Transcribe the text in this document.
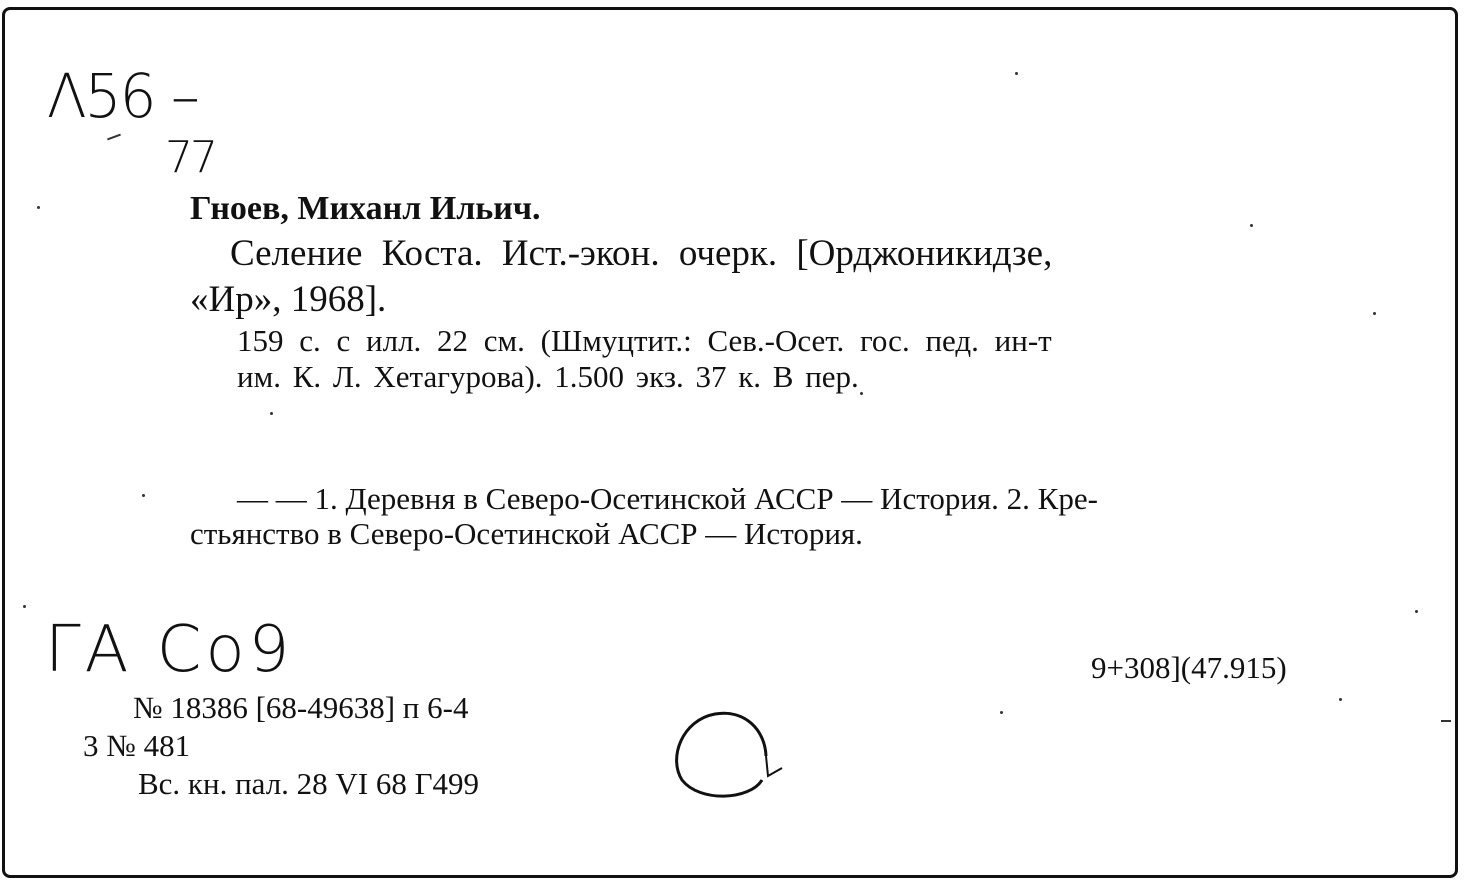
Λ56 –
77
Гноев, Миханл Ильич.
Селение Коста. Ист.-экон. очерк. [Орджоникидзе,
«Ир», 1968].
159 с. с илл. 22 см. (Шмуцтит.: Сев.-Осет. гос. пед. ин-т
им. К. Л. Хетагурова). 1.500 экз. 37 к. В пер.
— — 1. Деревня в Северо-Осетинской АССР — История. 2. Кре-
стьянство в Северо-Осетинской АССР — История.
ГА Со9	9+308](47.915)
№ 18386 [68-49638] п 6-4
3 № 481
Вс. кн. пал. 28 VI 68 Г499
